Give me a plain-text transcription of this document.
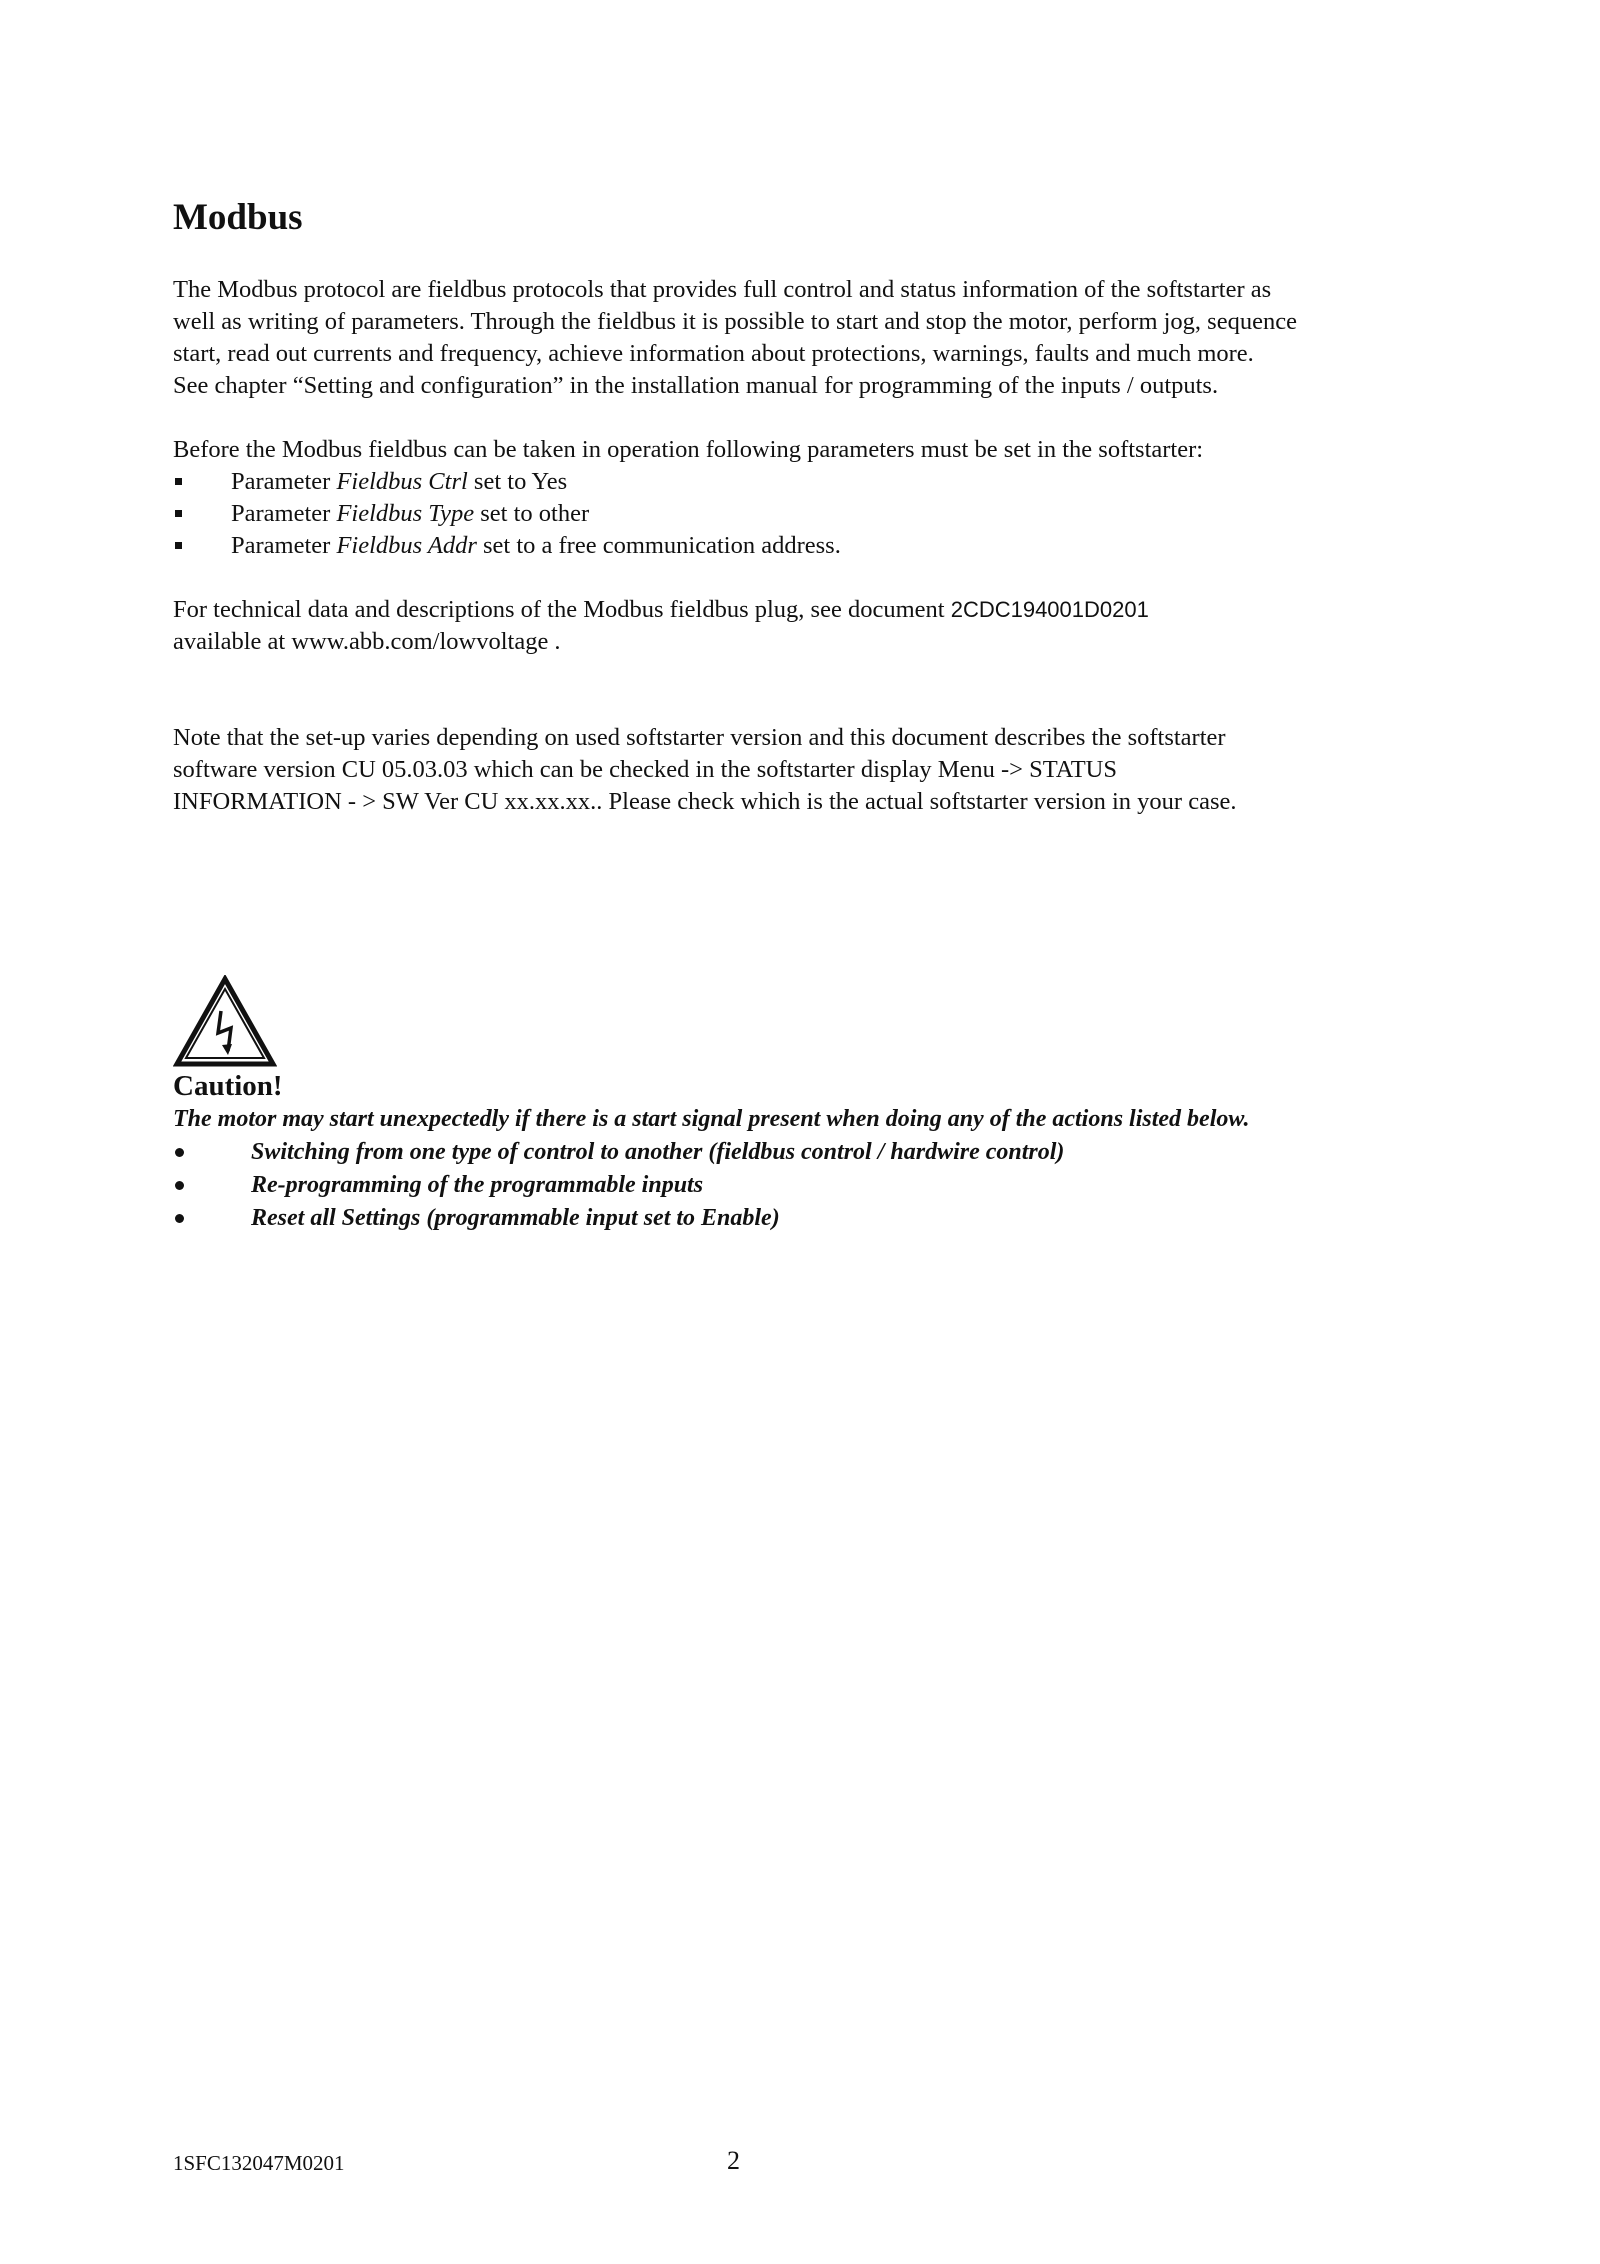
Modbus

The Modbus protocol are fieldbus protocols that provides full control and status information of the softstarter as

well as writing of parameters. Through the fieldbus it is possible to start and stop the motor, perform jog, sequence

start, read out currents and frequency, achieve information about protections, warnings, faults and much more.

See chapter “Setting and configuration” in the installation manual for programming of the inputs / outputs.

Before the Modbus fieldbus can be taken in operation following parameters must be set in the softstarter:

Parameter Fieldbus Ctrl set to Yes
Parameter Fieldbus Type set to other
Parameter Fieldbus Addr set to a free communication address.

For technical data and descriptions of the Modbus fieldbus plug, see document 2CDC194001D0201

available at www.abb.com/lowvoltage .

Note that the set-up varies depending on used softstarter version and this document describes the softstarter

software version CU 05.03.03 which can be checked in the softstarter display Menu -> STATUS

INFORMATION - > SW Ver CU xx.xx.xx.. Please check which is the actual softstarter version in your case.

Caution!

The motor may start unexpectedly if there is a start signal present when doing any of the actions listed below.

Switching from one type of control to another (fieldbus control / hardwire control)
Re-programming of the programmable inputs
Reset all Settings (programmable input set to Enable)
1SFC132047M0201	2
